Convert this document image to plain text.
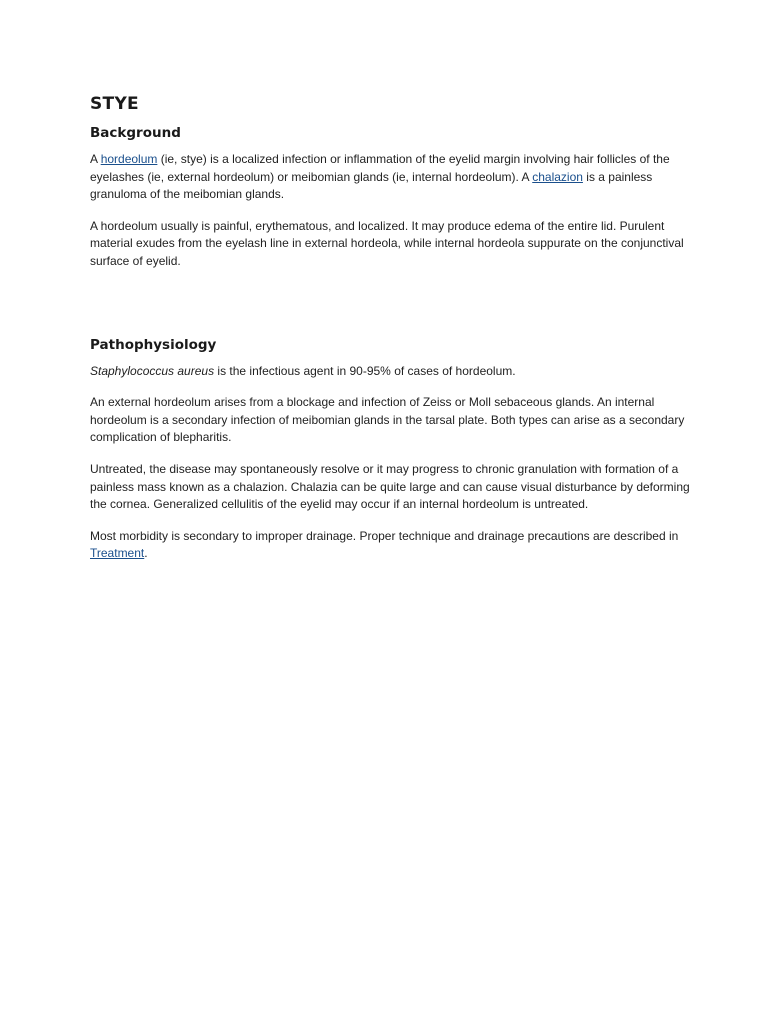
STYE
Background

A hordeolum (ie, stye) is a localized infection or inflammation of the eyelid margin involving hair follicles of the eyelashes (ie, external hordeolum) or meibomian glands (ie, internal hordeolum). A chalazion is a painless granuloma of the meibomian glands.

A hordeolum usually is painful, erythematous, and localized. It may produce edema of the entire lid. Purulent material exudes from the eyelash line in external hordeola, while internal hordeola suppurate on the conjunctival surface of eyelid.

Pathophysiology

Staphylococcus aureus is the infectious agent in 90-95% of cases of hordeolum.

An external hordeolum arises from a blockage and infection of Zeiss or Moll sebaceous glands. An internal hordeolum is a secondary infection of meibomian glands in the tarsal plate. Both types can arise as a secondary complication of blepharitis.

Untreated, the disease may spontaneously resolve or it may progress to chronic granulation with formation of a painless mass known as a chalazion. Chalazia can be quite large and can cause visual disturbance by deforming the cornea. Generalized cellulitis of the eyelid may occur if an internal hordeolum is untreated.

Most morbidity is secondary to improper drainage. Proper technique and drainage precautions are described in Treatment.
